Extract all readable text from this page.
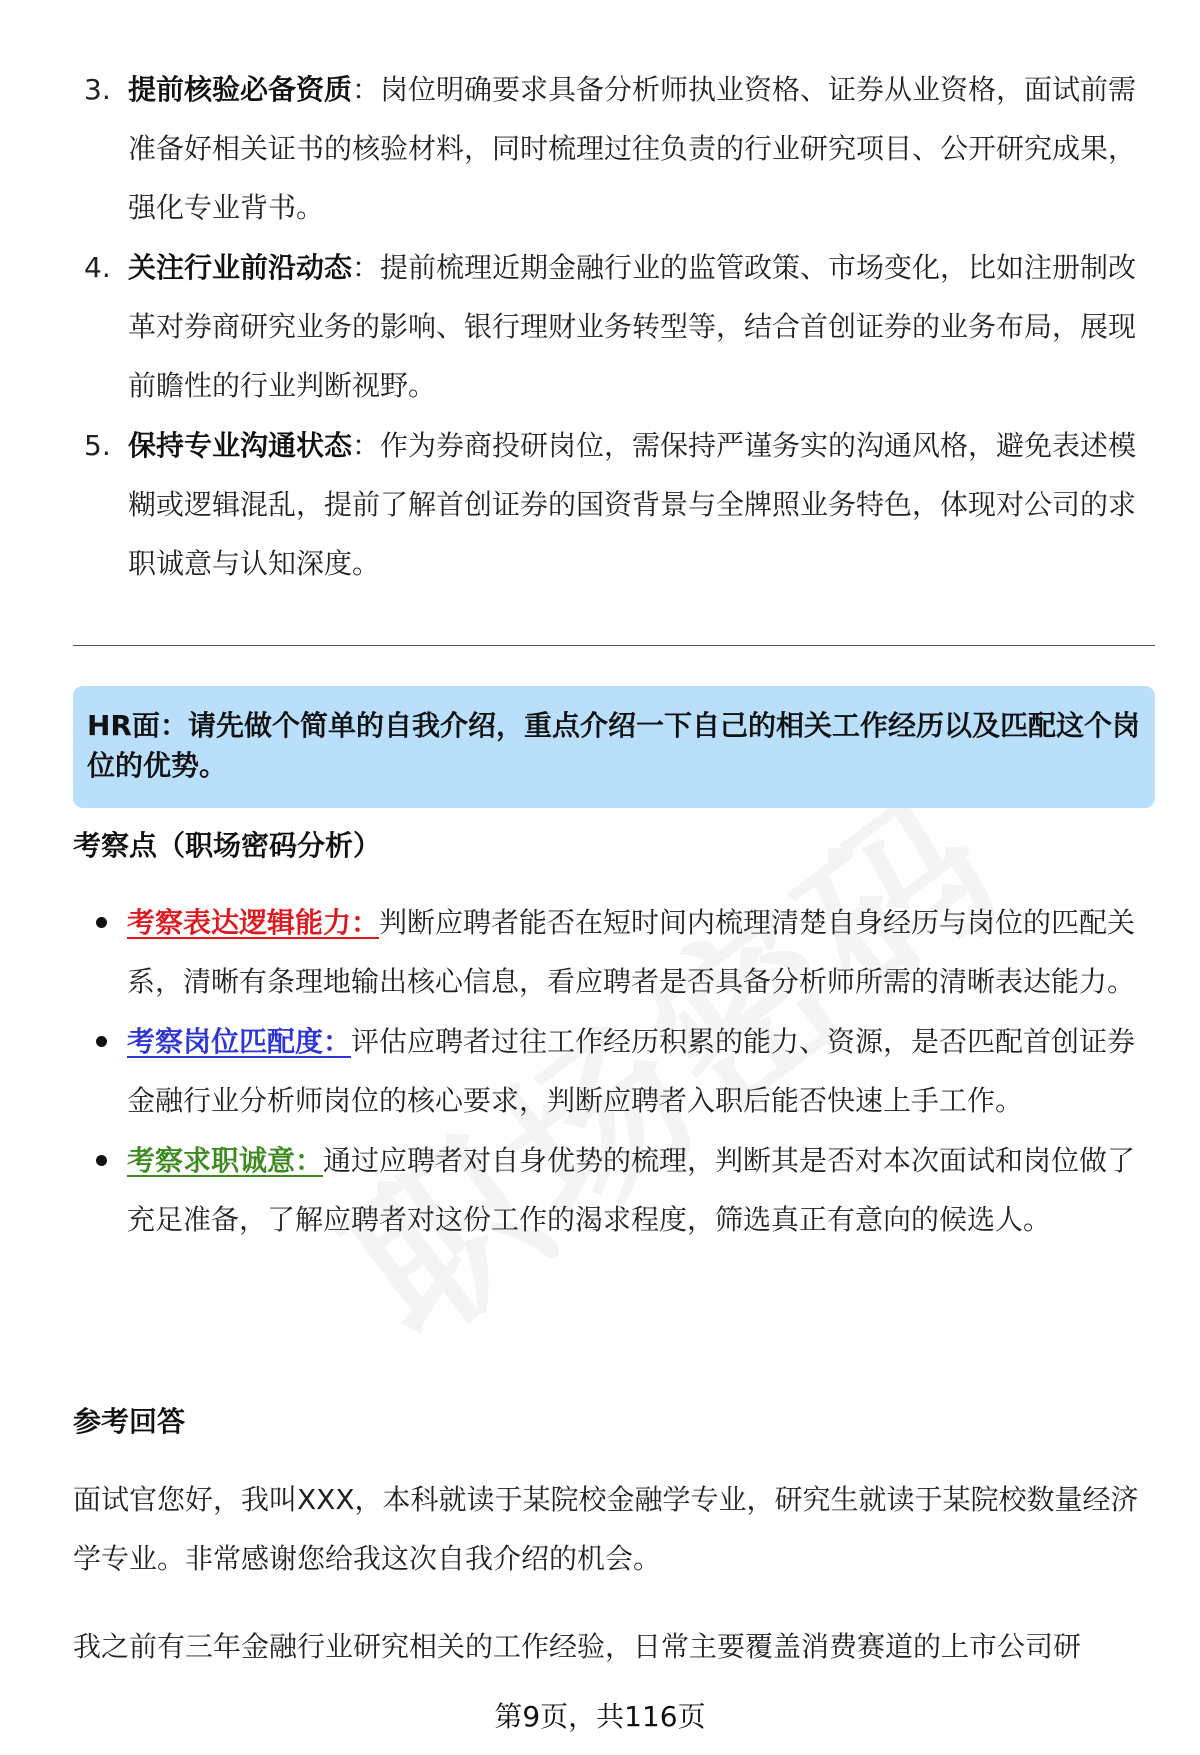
3. 提前核验必备资质：岗位明确要求具备分析师执业资格、证券从业资格，面试前需准备好相关证书的核验材料，同时梳理过往负责的行业研究项目、公开研究成果，强化专业背书。
4. 关注行业前沿动态：提前梳理近期金融行业的监管政策、市场变化，比如注册制改革对券商研究业务的影响、银行理财业务转型等，结合首创证券的业务布局，展现前瞻性的行业判断视野。
5. 保持专业沟通状态：作为券商投研岗位，需保持严谨务实的沟通风格，避免表述模糊或逻辑混乱，提前了解首创证券的国资背景与全牌照业务特色，体现对公司的求职诚意与认知深度。
HR面：请先做个简单的自我介绍，重点介绍一下自己的相关工作经历以及匹配这个岗位的优势。
考察点（职场密码分析）
考察表达逻辑能力：判断应聘者能否在短时间内梳理清楚自身经历与岗位的匹配关系，清晰有条理地输出核心信息，看应聘者是否具备分析师所需的清晰表达能力。
考察岗位匹配度：评估应聘者过往工作经历积累的能力、资源，是否匹配首创证券金融行业分析师岗位的核心要求，判断应聘者入职后能否快速上手工作。
考察求职诚意：通过应聘者对自身优势的梳理，判断其是否对本次面试和岗位做了充足准备，了解应聘者对这份工作的渴求程度，筛选真正有意向的候选人。
参考回答

面试官您好，我叫XXX，本科就读于某院校金融学专业，研究生就读于某院校数量经济学专业。非常感谢您给我这次自我介绍的机会。

我之前有三年金融行业研究相关的工作经验，日常主要覆盖消费赛道的上市公司研

第9页，共116页
